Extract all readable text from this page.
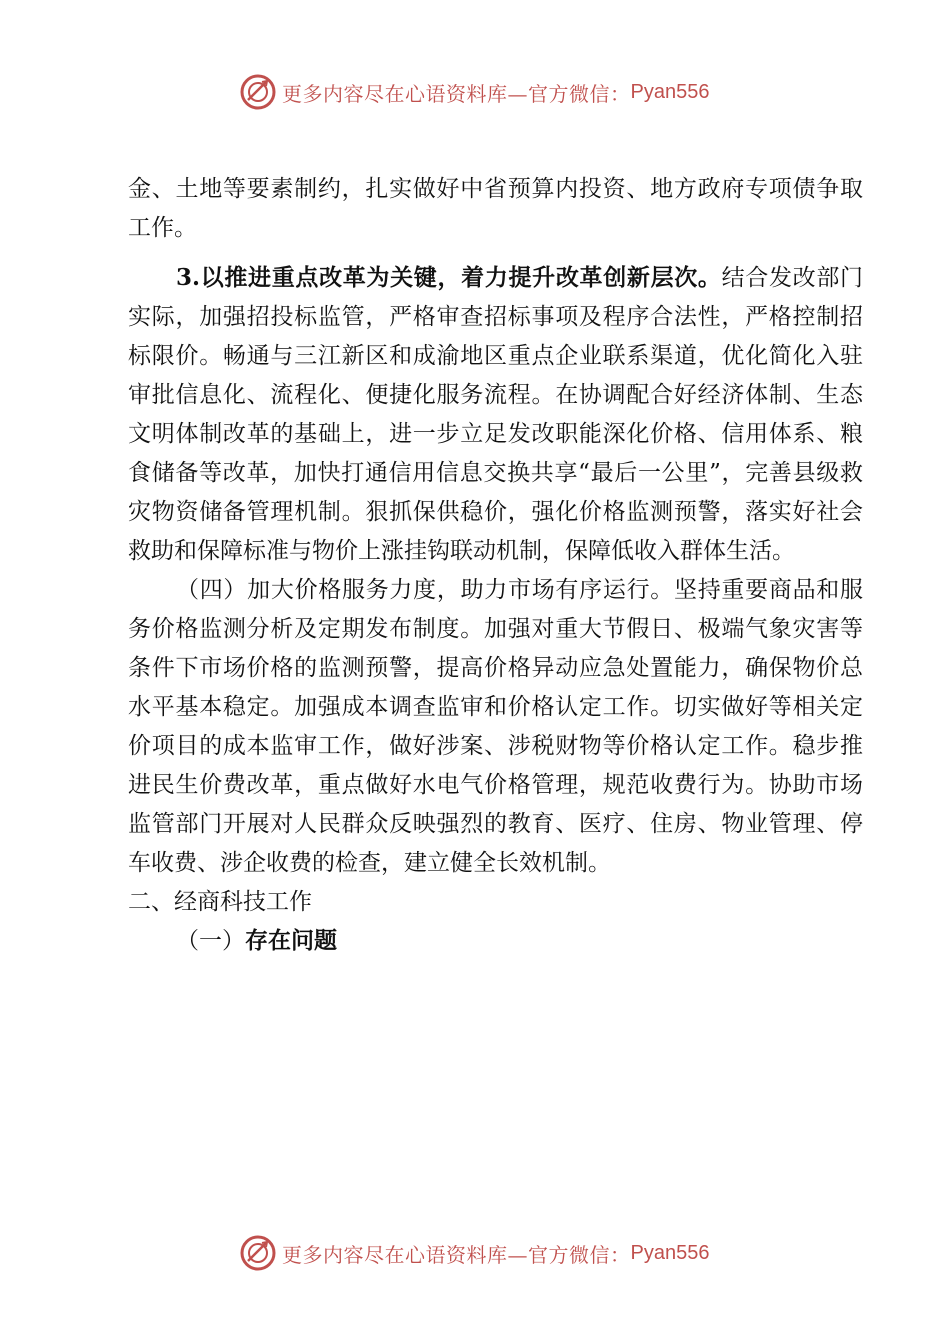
更多内容尽在心语资料库—官方微信： Pyan556

金、土地等要素制约，扎实做好中省预算内投资、地方政府专项债争取工作。

3.以推进重点改革为关键，着力提升改革创新层次。结合发改部门实际，加强招投标监管，严格审查招标事项及程序合法性，严格控制招标限价。畅通与三江新区和成渝地区重点企业联系渠道，优化简化入驻审批信息化、流程化、便捷化服务流程。在协调配合好经济体制、生态文明体制改革的基础上，进一步立足发改职能深化价格、信用体系、粮食储备等改革，加快打通信用信息交换共享“最后一公里”，完善县级救灾物资储备管理机制。狠抓保供稳价，强化价格监测预警，落实好社会救助和保障标准与物价上涨挂钩联动机制，保障低收入群体生活。

（四）加大价格服务力度，助力市场有序运行。坚持重要商品和服务价格监测分析及定期发布制度。加强对重大节假日、极端气象灾害等条件下市场价格的监测预警，提高价格异动应急处置能力，确保物价总水平基本稳定。加强成本调查监审和价格认定工作。切实做好等相关定价项目的成本监审工作，做好涉案、涉税财物等价格认定工作。稳步推进民生价费改革，重点做好水电气价格管理，规范收费行为。协助市场监管部门开展对人民群众反映强烈的教育、医疗、住房、物业管理、停车收费、涉企收费的检查，建立健全长效机制。

二、经商科技工作

（一）存在问题

更多内容尽在心语资料库—官方微信： Pyan556
